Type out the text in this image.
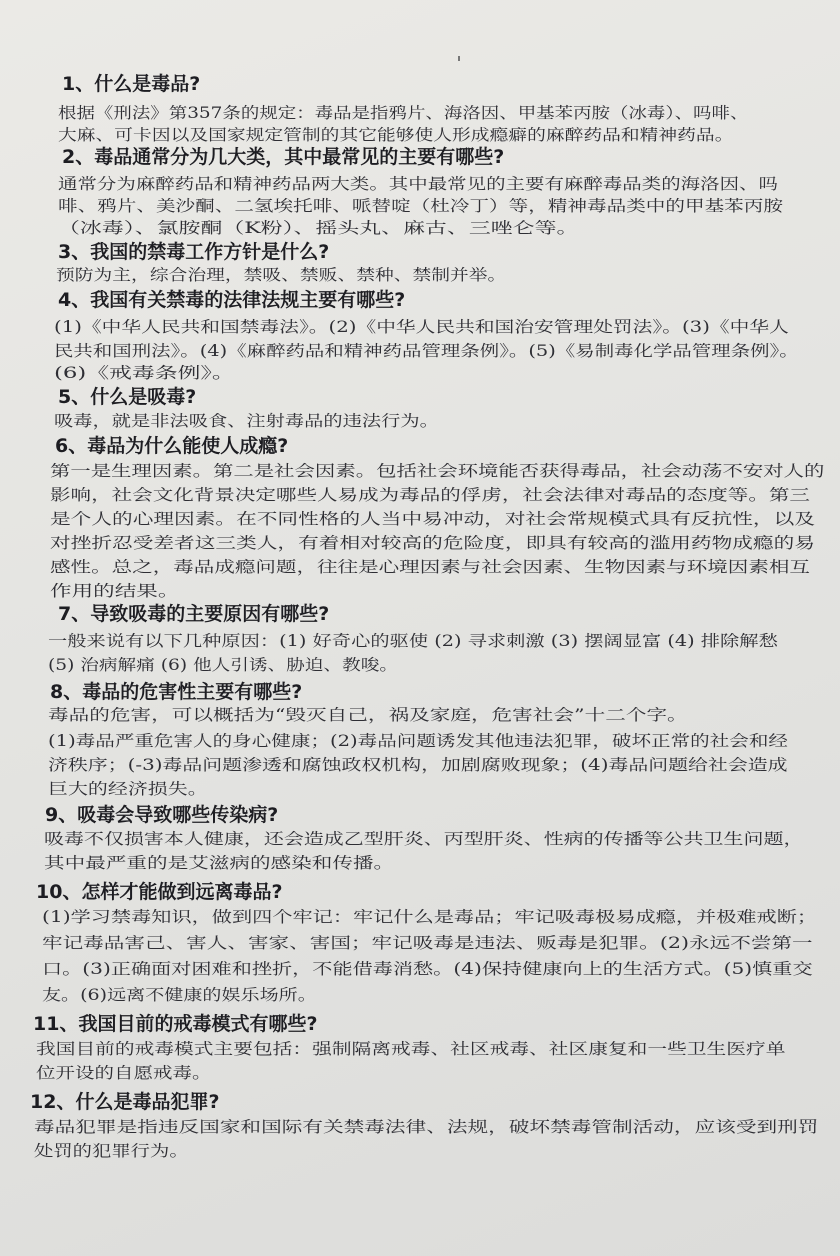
1、什么是毒品?
根据《刑法》第357条的规定：毒品是指鸦片、海洛因、甲基苯丙胺（冰毒）、吗啡、
大麻、可卡因以及国家规定管制的其它能够使人形成瘾癖的麻醉药品和精神药品。
2、毒品通常分为几大类，其中最常见的主要有哪些?
通常分为麻醉药品和精神药品两大类。其中最常见的主要有麻醉毒品类的海洛因、吗
啡、鸦片、美沙酮、二氢埃托啡、哌替啶（杜冷丁）等，精神毒品类中的甲基苯丙胺
（冰毒）、氯胺酮（K粉）、摇头丸、麻古、三唑仑等。
3、我国的禁毒工作方针是什么?
预防为主，综合治理，禁吸、禁贩、禁种、禁制并举。
4、我国有关禁毒的法律法规主要有哪些?
(1)《中华人民共和国禁毒法》。(2)《中华人民共和国治安管理处罚法》。(3)《中华人
民共和国刑法》。(4)《麻醉药品和精神药品管理条例》。(5)《易制毒化学品管理条例》。
(6)《戒毒条例》。
5、什么是吸毒?
吸毒，就是非法吸食、注射毒品的违法行为。
6、毒品为什么能使人成瘾?
第一是生理因素。第二是社会因素。包括社会环境能否获得毒品，社会动荡不安对人的
影响，社会文化背景决定哪些人易成为毒品的俘虏，社会法律对毒品的态度等。第三
是个人的心理因素。在不同性格的人当中易冲动，对社会常规模式具有反抗性，以及
对挫折忍受差者这三类人，有着相对较高的危险度，即具有较高的滥用药物成瘾的易
感性。总之，毒品成瘾问题，往往是心理因素与社会因素、生物因素与环境因素相互
作用的结果。
7、导致吸毒的主要原因有哪些?
一般来说有以下几种原因：(1) 好奇心的驱使 (2) 寻求刺激 (3) 摆阔显富 (4) 排除解愁
(5) 治病解痛 (6) 他人引诱、胁迫、教唆。
8、毒品的危害性主要有哪些?
毒品的危害，可以概括为“毁灭自己，祸及家庭，危害社会”十二个字。
(1)毒品严重危害人的身心健康；(2)毒品问题诱发其他违法犯罪，破坏正常的社会和经
济秩序；(-3)毒品问题渗透和腐蚀政权机构，加剧腐败现象；(4)毒品问题给社会造成
巨大的经济损失。
9、吸毒会导致哪些传染病?
吸毒不仅损害本人健康，还会造成乙型肝炎、丙型肝炎、性病的传播等公共卫生问题，
其中最严重的是艾滋病的感染和传播。
10、怎样才能做到远离毒品?
(1)学习禁毒知识，做到四个牢记：牢记什么是毒品；牢记吸毒极易成瘾，并极难戒断；
牢记毒品害己、害人、害家、害国；牢记吸毒是违法、贩毒是犯罪。(2)永远不尝第一
口。(3)正确面对困难和挫折，不能借毒消愁。(4)保持健康向上的生活方式。(5)慎重交
友。(6)远离不健康的娱乐场所。
11、我国目前的戒毒模式有哪些?
我国目前的戒毒模式主要包括：强制隔离戒毒、社区戒毒、社区康复和一些卫生医疗单
位开设的自愿戒毒。
12、什么是毒品犯罪?
毒品犯罪是指违反国家和国际有关禁毒法律、法规，破坏禁毒管制活动，应该受到刑罚
处罚的犯罪行为。
